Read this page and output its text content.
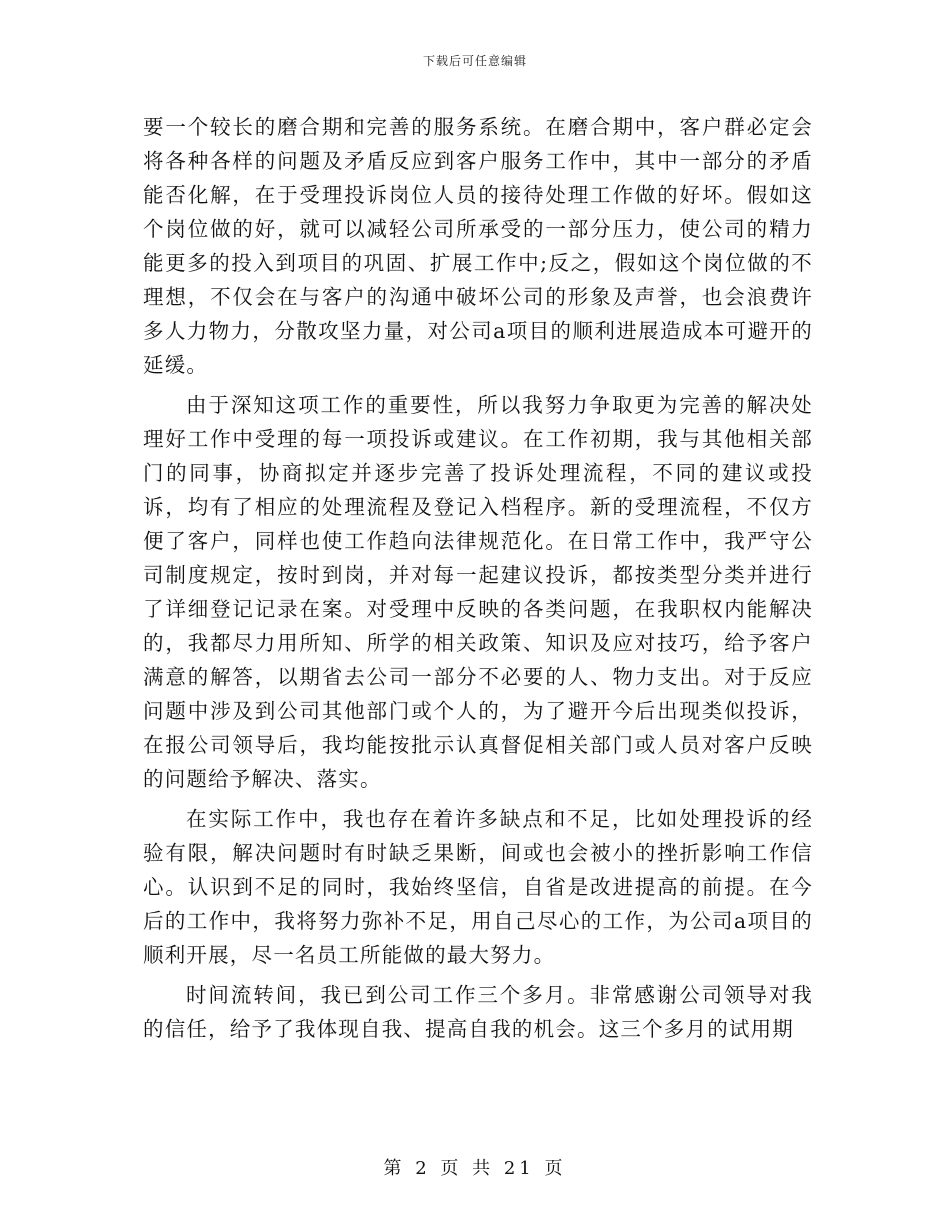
下载后可任意编辑

要一个较长的磨合期和完善的服务系统。在磨合期中，客户群必定会将各种各样的问题及矛盾反应到客户服务工作中，其中一部分的矛盾能否化解，在于受理投诉岗位人员的接待处理工作做的好坏。假如这个岗位做的好，就可以减轻公司所承受的一部分压力，使公司的精力能更多的投入到项目的巩固、扩展工作中;反之，假如这个岗位做的不理想，不仅会在与客户的沟通中破坏公司的形象及声誉，也会浪费许多人力物力，分散攻坚力量，对公司a项目的顺利进展造成本可避开的延缓。

由于深知这项工作的重要性，所以我努力争取更为完善的解决处理好工作中受理的每一项投诉或建议。在工作初期，我与其他相关部门的同事，协商拟定并逐步完善了投诉处理流程，不同的建议或投诉，均有了相应的处理流程及登记入档程序。新的受理流程，不仅方便了客户，同样也使工作趋向法律规范化。在日常工作中，我严守公司制度规定，按时到岗，并对每一起建议投诉，都按类型分类并进行了详细登记记录在案。对受理中反映的各类问题，在我职权内能解决的，我都尽力用所知、所学的相关政策、知识及应对技巧，给予客户满意的解答，以期省去公司一部分不必要的人、物力支出。对于反应问题中涉及到公司其他部门或个人的，为了避开今后出现类似投诉，在报公司领导后，我均能按批示认真督促相关部门或人员对客户反映的问题给予解决、落实。

在实际工作中，我也存在着许多缺点和不足，比如处理投诉的经验有限，解决问题时有时缺乏果断，间或也会被小的挫折影响工作信心。认识到不足的同时，我始终坚信，自省是改进提高的前提。在今后的工作中，我将努力弥补不足，用自己尽心的工作，为公司a项目的顺利开展，尽一名员工所能做的最大努力。

时间流转间，我已到公司工作三个多月。非常感谢公司领导对我的信任，给予了我体现自我、提高自我的机会。这三个多月的试用期

第 2 页 共 21 页
